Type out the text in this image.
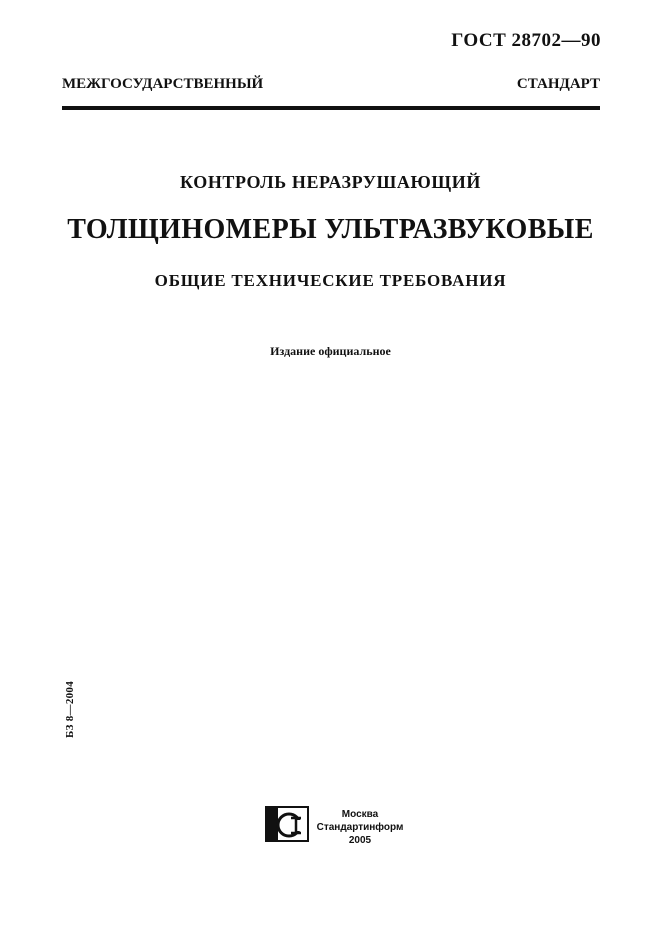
ГОСТ 28702—90
МЕЖГОСУДАРСТВЕННЫЙ СТАНДАРТ
КОНТРОЛЬ НЕРАЗРУШАЮЩИЙ
ТОЛЩИНОМЕРЫ УЛЬТРАЗВУКОВЫЕ
ОБЩИЕ ТЕХНИЧЕСКИЕ ТРЕБОВАНИЯ
Издание официальное
БЗ 8—2004
Москва
Стандартинформ
2005
